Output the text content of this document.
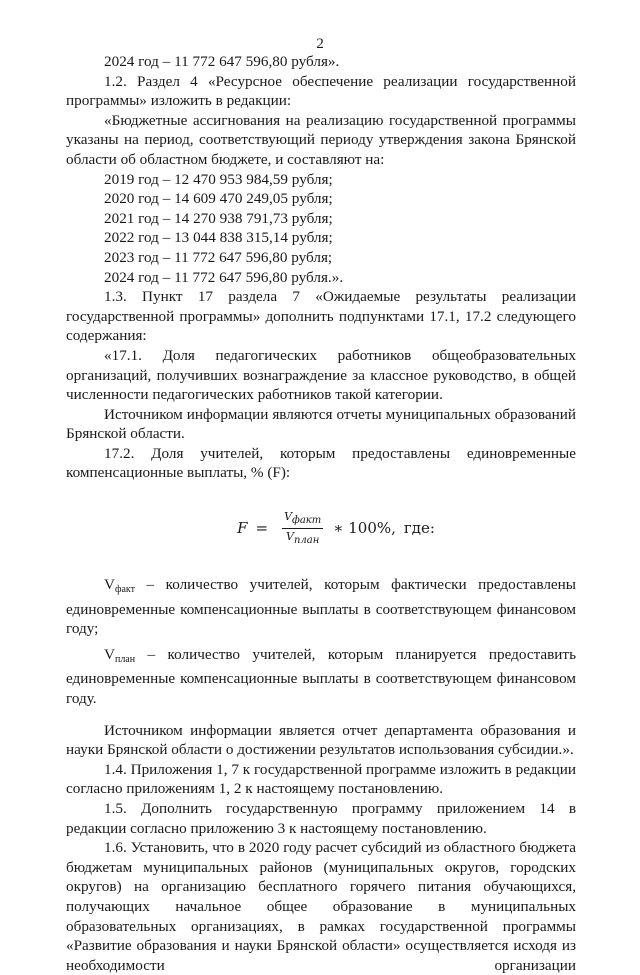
2

2024 год – 11 772 647 596,80 рубля».

1.2. Раздел 4 «Ресурсное обеспечение реализации государственной программы» изложить в редакции:

«Бюджетные ассигнования на реализацию государственной программы указаны на период, соответствующий периоду утверждения закона Брянской области об областном бюджете, и составляют на:

2019 год – 12 470 953 984,59 рубля;

2020 год – 14 609 470 249,05 рубля;

2021 год – 14 270 938 791,73 рубля;

2022 год – 13 044 838 315,14 рубля;

2023 год – 11 772 647 596,80 рубля;

2024 год – 11 772 647 596,80 рубля.».

1.3. Пункт 17 раздела 7 «Ожидаемые результаты реализации государственной программы» дополнить подпунктами 17.1, 17.2 следующего содержания:

«17.1. Доля педагогических работников общеобразовательных организаций, получивших вознаграждение за классное руководство, в общей численности педагогических работников такой категории.

Источником информации являются отчеты муниципальных образований Брянской области.

17.2. Доля учителей, которым предоставлены единовременные компенсационные выплаты, % (F):

$F = \frac{\text{Vфакт}}{\text{Vплан}}$ ∗ 100%, где:

$V_{факт}$ – количество учителей, которым фактически предоставлены единовременные компенсационные выплаты в соответствующем финансовом году;

$V_{план}$ – количество учителей, которым планируется предоставить единовременные компенсационные выплаты в соответствующем финансовом году.

Источником информации является отчет департамента образования и науки Брянской области о достижении результатов использования субсидии.».

1.4. Приложения 1, 7 к государственной программе изложить в редакции согласно приложениям 1, 2 к настоящему постановлению.

1.5. Дополнить государственную программу приложением 14 в редакции согласно приложению 3 к настоящему постановлению.

1.6. Установить, что в 2020 году расчет субсидий из областного бюджета бюджетам муниципальных районов (муниципальных округов, городских округов) на организацию бесплатного горячего питания обучающихся, получающих начальное общее образование в муниципальных образовательных организациях, в рамках государственной программы «Развитие образования и науки Брянской области» осуществляется исходя из необходимости организации
